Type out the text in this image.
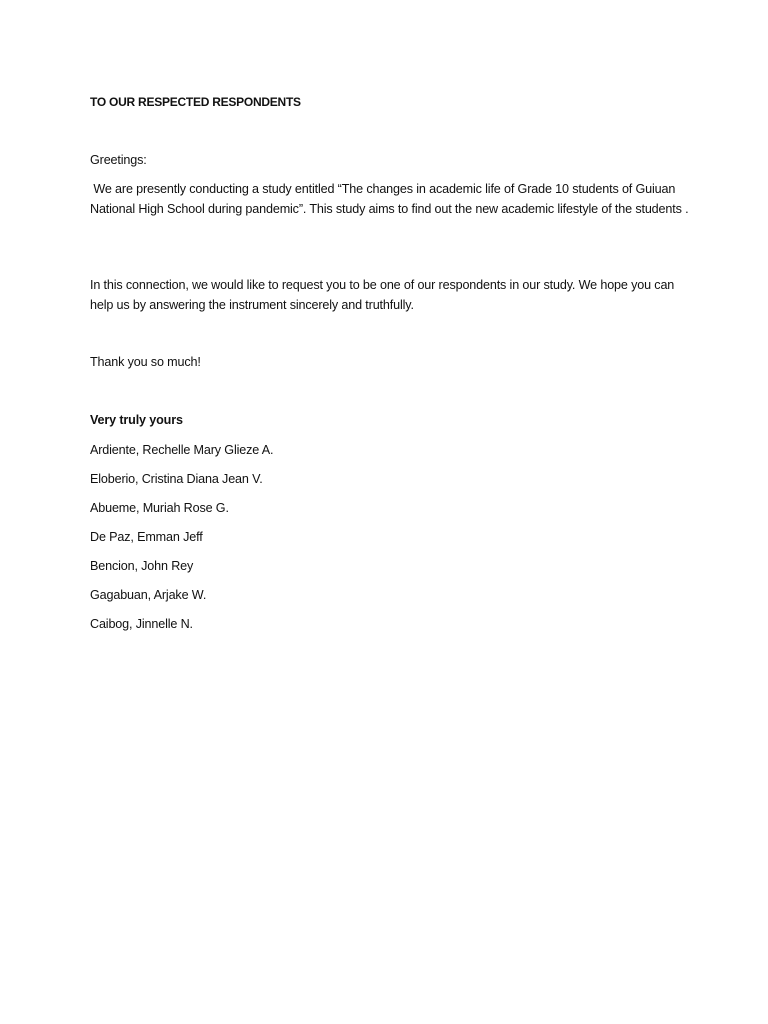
TO OUR RESPECTED RESPONDENTS
Greetings:
We are presently conducting a study entitled “The changes in academic life of Grade 10 students of Guiuan National High School during pandemic”. This study aims to find out the new academic lifestyle of the students .
In this connection, we would like to request you to be one of our respondents in our study. We hope you can help us by answering the instrument sincerely and truthfully.
Thank you so much!
Very truly yours
Ardiente, Rechelle Mary Glieze A.
Eloberio, Cristina Diana Jean V.
Abueme, Muriah Rose G.
De Paz, Emman Jeff
Bencion, John Rey
Gagabuan, Arjake W.
Caibog, Jinnelle N.
